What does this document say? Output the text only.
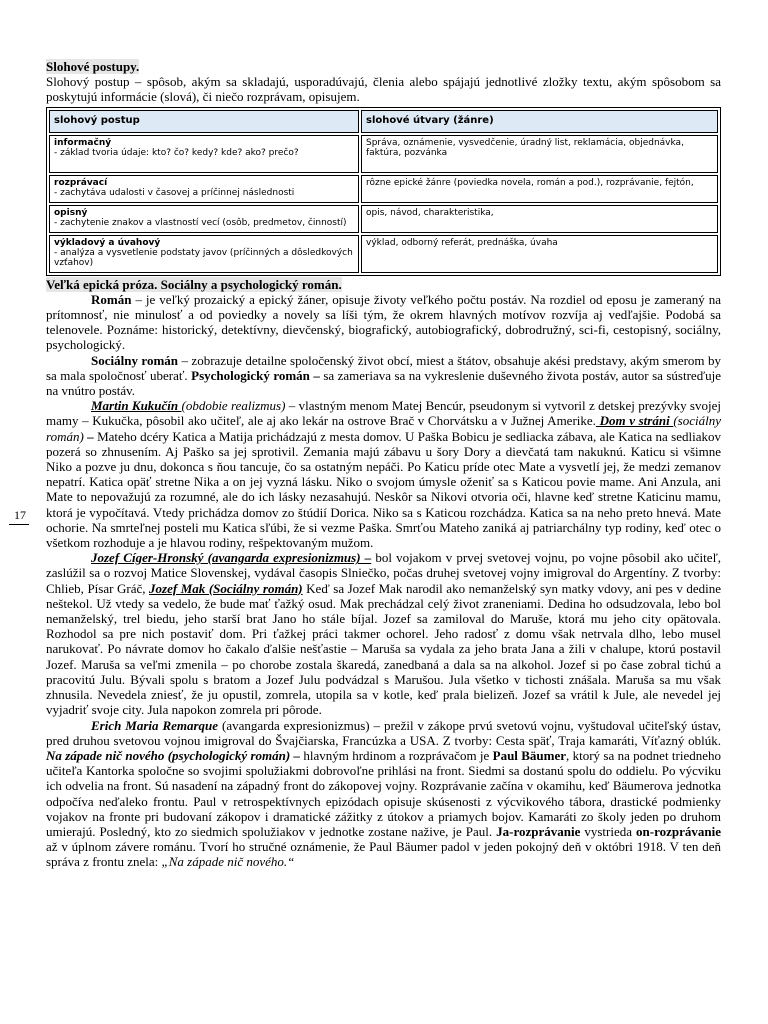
17

Slohové postupy.

Slohový postup – spôsob, akým sa skladajú, usporadúvajú, členia alebo spájajú jednotlivé zložky textu, akým spôsobom sa poskytujú informácie (slová), či niečo rozprávam, opisujem.

slohový postup	slohové útvary (žánre)

informačný
- základ tvoria údaje: kto? čo? kedy? kde? ako? prečo?	Správa, oznámenie, vysvedčenie, úradný list, reklamácia, objednávka, faktúra, pozvánka

rozprávací
- zachytáva udalosti v časovej a príčinnej následnosti	rôzne epické žánre (poviedka novela, román a pod.), rozprávanie, fejtón,

opisný
- zachytenie znakov a vlastností vecí (osôb, predmetov, činností)	opis, návod, charakteristika,

výkladový a úvahový
- analýza a vysvetlenie podstaty javov (príčinných a dôsledkových vzťahov)	výklad, odborný referát, prednáška, úvaha

Veľká epická próza. Sociálny a psychologický román.

Román – je veľký prozaický a epický žáner, opisuje životy veľkého počtu postáv. Na rozdiel od eposu je zameraný na prítomnosť, nie minulosť a od poviedky a novely sa líši tým, že okrem hlavných motívov rozvíja aj vedľajšie. Podobá sa telenovele. Poznáme: historický, detektívny, dievčenský, biografický, autobiografický, dobrodružný, sci-fi, cestopisný, sociálny, psychologický.

Sociálny román – zobrazuje detailne spoločenský život obcí, miest a štátov, obsahuje akési predstavy, akým smerom by sa mala spoločnosť uberať. Psychologický román – sa zameriava sa na vykreslenie duševného života postáv, autor sa sústreďuje na vnútro postáv.

Martin Kukučín (obdobie realizmus) – vlastným menom Matej Bencúr, pseudonym si vytvoril z detskej prezývky svojej mamy – Kukučka, pôsobil ako učiteľ, ale aj ako lekár na ostrove Brač v Chorvátsku a v Južnej Amerike. Dom v stráni (sociálny román) – Mateho dcéry Katica a Matija prichádzajú z mesta domov. U Paška Bobicu je sedliacka zábava, ale Katica na sedliakov pozerá so zhnusením. Aj Paško sa jej sprotivil. Zemania majú zábavu u šory Dory a dievčatá tam nakuknú. Katicu si všimne Niko a pozve ju dnu, dokonca s ňou tancuje, čo sa ostatným nepáči. Po Katicu príde otec Mate a vysvetlí jej, že medzi zemanov nepatrí. Katica opäť stretne Nika a on jej vyzná lásku. Niko o svojom úmysle oženiť sa s Katicou povie mame. Ani Anzula, ani Mate to nepovažujú za rozumné, ale do ich lásky nezasahujú. Neskôr sa Nikovi otvoria oči, hlavne keď stretne Katicinu mamu, ktorá je vypočítavá. Vtedy prichádza domov zo štúdií Dorica. Niko sa s Katicou rozchádza. Katica sa na neho preto hnevá. Mate ochorie. Na smrteľnej posteli mu Katica sľúbi, že si vezme Paška. Smrťou Mateho zaniká aj patriarchálny typ rodiny, keď otec o všetkom rozhoduje a je hlavou rodiny, rešpektovaným mužom.

Jozef Cíger-Hronský (avangarda expresionizmus) – bol vojakom v prvej svetovej vojnu, po vojne pôsobil ako učiteľ, zaslúžil sa o rozvoj Matice Slovenskej, vydával časopis Slniečko, počas druhej svetovej vojny imigroval do Argentíny. Z tvorby: Chlieb, Písar Gráč, Jozef Mak (Sociálny román) Keď sa Jozef Mak narodil ako nemanželský syn matky vdovy, ani pes v dedine neštekol. Už vtedy sa vedelo, že bude mať ťažký osud. Mak prechádzal celý život zraneniami. Dedina ho odsudzovala, lebo bol nemanželský, trel biedu, jeho starší brat Jano ho stále bíjal. Jozef sa zamiloval do Maruše, ktorá mu jeho city opätovala. Rozhodol sa pre nich postaviť dom. Pri ťažkej práci takmer ochorel. Jeho radosť z domu však netrvala dlho, lebo musel narukovať. Po návrate domov ho čakalo ďalšie nešťastie – Maruša sa vydala za jeho brata Jana a žili v chalupe, ktorú postavil Jozef. Maruša sa veľmi zmenila – po chorobe zostala škaredá, zanedbaná a dala sa na alkohol. Jozef si po čase zobral tichú a pracovitú Julu. Bývali spolu s bratom a Jozef Julu podvádzal s Marušou. Jula všetko v tichosti znášala. Maruša sa mu však zhnusila. Nevedela zniesť, že ju opustil, zomrela, utopila sa v kotle, keď prala bielizeň. Jozef sa vrátil k Jule, ale nevedel jej vyjadriť svoje city. Jula napokon zomrela pri pôrode.

Erich Maria Remarque (avangarda expresionizmus) – prežil v zákope prvú svetovú vojnu, vyštudoval učiteľský ústav, pred druhou svetovou vojnou imigroval do Švajčiarska, Francúzka a USA. Z tvorby: Cesta späť, Traja kamaráti, Víťazný oblúk. Na západe nič nového (psychologický román) – hlavným hrdinom a rozprávačom je Paul Bäumer, ktorý sa na podnet triedneho učiteľa Kantorka spoločne so svojimi spolužiakmi dobrovoľne prihlási na front. Siedmi sa dostanú spolu do oddielu. Po výcviku ich odvelia na front. Sú nasadení na západný front do zákopovej vojny. Rozprávanie začína v okamihu, keď Bäumerova jednotka odpočíva neďaleko frontu. Paul v retrospektívnych epizódach opisuje skúsenosti z výcvikového tábora, drastické podmienky vojakov na fronte pri budovaní zákopov i dramatické zážitky z útokov a priamych bojov. Kamaráti zo školy jeden po druhom umierajú. Posledný, kto zo siedmich spolužiakov v jednotke zostane nažive, je Paul. Ja-rozprávanie vystriedа on-rozprávanie až v úplnom závere románu. Tvorí ho stručné oznámenie, že Paul Bäumer padol v jeden pokojný deň v októbri 1918. V ten deň správa z frontu znela: „Na západe nič nového.“
